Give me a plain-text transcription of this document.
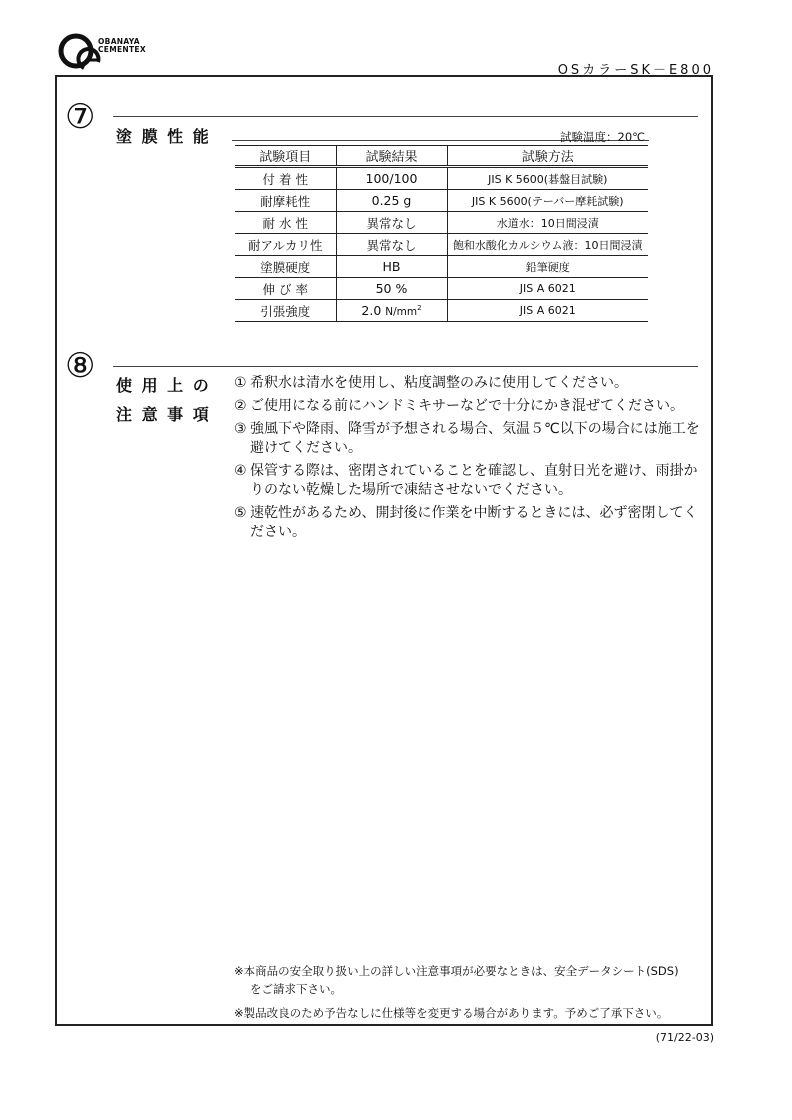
OBANAYA
CEMENTEX
OSカラーSK－E800
⑦ 塗 膜 性 能	試験温度：20℃
試験項目	試験結果	試験方法
付 着 性	100/100	JIS K 5600(碁盤目試験)
耐摩耗性	0.25 g	JIS K 5600(テーバー摩耗試験)
耐 水 性	異常なし	水道水：10日間浸漬
耐アルカリ性	異常なし	飽和水酸化カルシウム液：10日間浸漬
塗膜硬度	HB	鉛筆硬度
伸 び 率	50 %	JIS A 6021
引張強度	2.0 $N/mm^2$	JIS A 6021
⑧ 使 用 上 の
注 意 事 項
① 希釈水は清水を使用し、粘度調整のみに使用してください。
② ご使用になる前にハンドミキサーなどで十分にかき混ぜてください。
③ 強風下や降雨、降雪が予想される場合、気温５℃以下の場合には施工を避けてください。
④ 保管する際は、密閉されていることを確認し、直射日光を避け、雨掛かりのない乾燥した場所で凍結させないでください。
⑤ 速乾性があるため、開封後に作業を中断するときには、必ず密閉してください。

※本商品の安全取り扱い上の詳しい注意事項が必要なときは、安全データシート(SDS)
をご請求下さい。

※製品改良のため予告なしに仕様等を変更する場合があります。予めご了承下さい。

(71/22-03)
